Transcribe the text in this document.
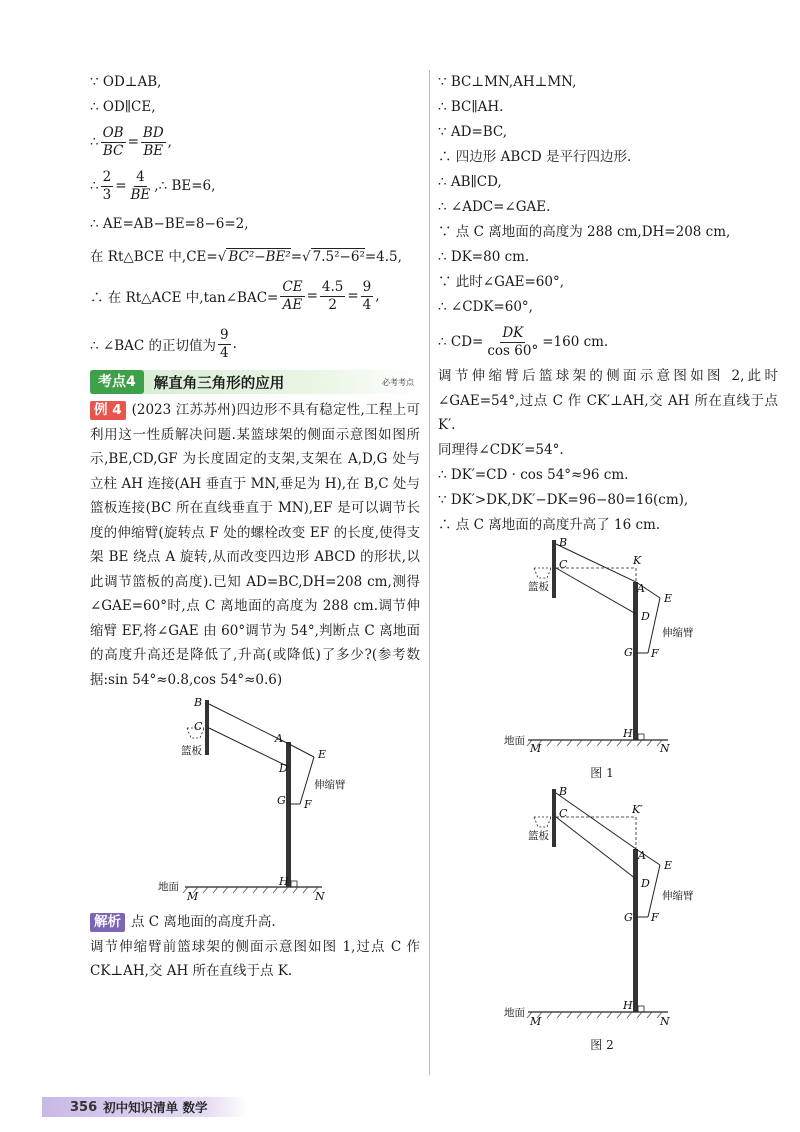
∵ OD⊥AB,
∴ OD∥CE,
∴ $\frac{OB}{BC} = \frac{BD}{BE}$ ,
∴ $\frac{2}{3} = \frac{4}{BE}$ ,∴ BE=6,
∴ AE=AB−BE=8−6=2,
在 Rt△BCE 中,CE=√ BC²−BE²=√ 7.5²−6²=4.5,
∴ 在 Rt△ACE 中,tan∠BAC= $\frac{CE}{AE} = \frac{4.5}{2} = \frac{9}{4}$ ,
∴ ∠BAC 的正切值为 $\frac{9}{4}$ .
考点4	解直角三角形的应用	必考考点
例 4 (2023 江苏苏州)四边形不具有稳定性,工程上可利用这一性质解决问题.某篮球架的侧面示意图如图所示,BE,CD,GF 为长度固定的支架,支架在 A,D,G 处与立柱 AH 连接(AH 垂直于 MN,垂足为 H),在 B,C 处与篮板连接(BC 所在直线垂直于 MN),EF 是可以调节长度的伸缩臂(旋转点 F 处的螺栓改变 EF 的长度,使得支架 BE 绕点 A 旋转,从而改变四边形 ABCD 的形状,以此调节篮板的高度).已知 AD=BC,DH=208 cm,测得∠GAE=60°时,点 C 离地面的高度为 288 cm.调节伸缩臂 EF,将∠GAE 由 60°调节为 54°,判断点 C 离地面的高度升高还是降低了,升高(或降低)了多少?(参考数据:sin 54°≈0.8,cos 54°≈0.6)
B
C
A
D
E
G F
H
M	N
篮板
伸缩臂
地面
解析 点 C 离地面的高度升高.
调节伸缩臂前篮球架的侧面示意图如图 1,过点 C 作 CK⊥AH,交 AH 所在直线于点 K.
∵ BC⊥MN,AH⊥MN,
∴ BC∥AH.
∵ AD=BC,
∴ 四边形 ABCD 是平行四边形.
∴ AB∥CD,
∴ ∠ADC=∠GAE.
∵ 点 C 离地面的高度为 288 cm,DH=208 cm,
∴ DK=80 cm.
∵ 此时∠GAE=60°,
∴ ∠CDK=60°,
∴ $CD= \frac{DK}{\cos 60^\circ} =160$ cm.
调节伸缩臂后篮球架的侧面示意图如图 2,此时∠GAE=54°,过点 C 作 CK′⊥AH,交 AH 所在直线于点 K′.
同理得∠CDK′=54°.
∴ DK′=CD · cos 54°≈96 cm.
∵ DK′>DK,DK′−DK=96−80=16(cm),
∴ 点 C 离地面的高度升高了 16 cm.
B
C	K
A
D
E
G F
H
M	N
篮板
伸缩臂
地面
图 1
B
C	K′
A
D
E
G F
H
M	N
篮板
伸缩臂
地面
图 2
356 初中知识清单 数学
